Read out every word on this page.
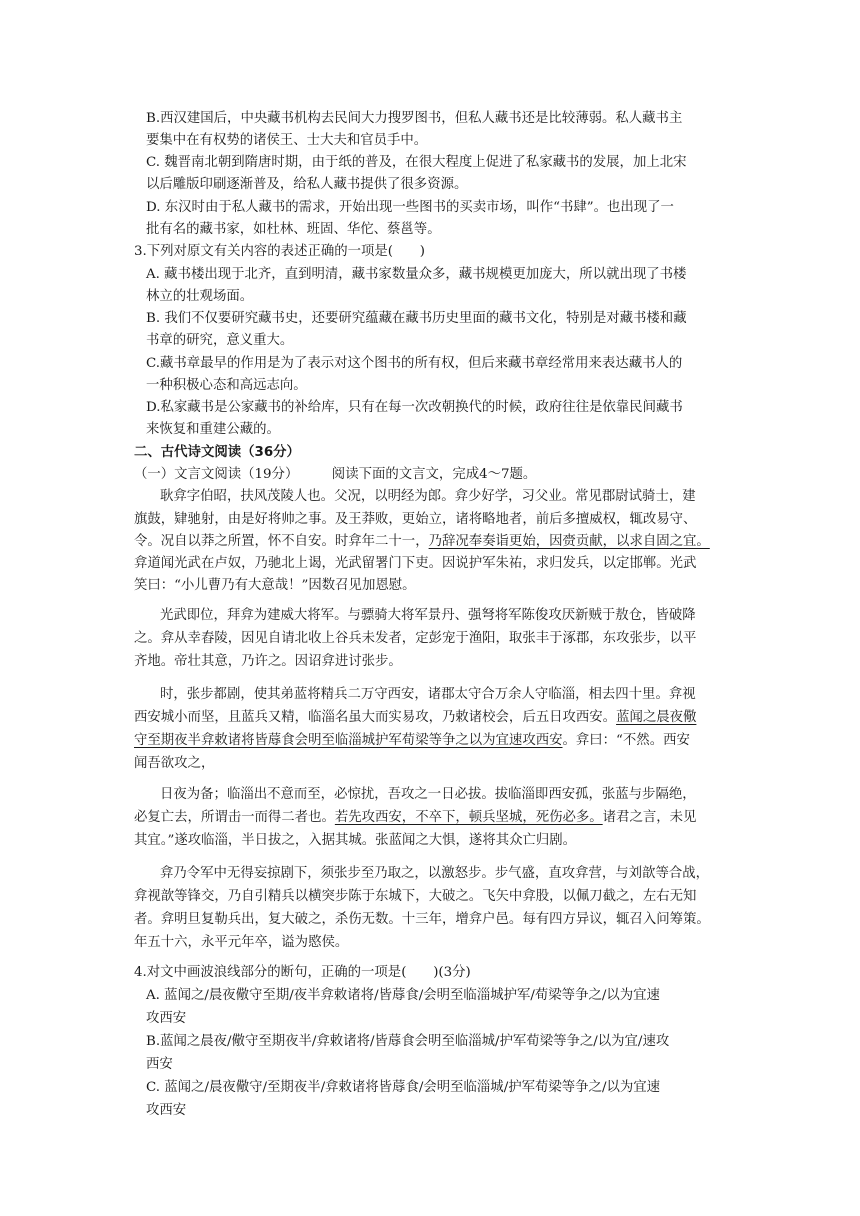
B.西汉建国后，中央藏书机构去民间大力搜罗图书，但私人藏书还是比较薄弱。私人藏书主
要集中在有权势的诸侯王、士大夫和官员手中。
C. 魏晋南北朝到隋唐时期，由于纸的普及，在很大程度上促进了私家藏书的发展，加上北宋
以后雕版印刷逐渐普及，给私人藏书提供了很多资源。
D. 东汉时由于私人藏书的需求，开始出现一些图书的买卖市场，叫作“书肆”。也出现了一
批有名的藏书家，如杜林、班固、华佗、蔡邕等。
3.下列对原文有关内容的表述正确的一项是(　　)
A. 藏书楼出现于北齐，直到明清，藏书家数量众多，藏书规模更加庞大，所以就出现了书楼
林立的壮观场面。
B. 我们不仅要研究藏书史，还要研究蕴藏在藏书历史里面的藏书文化，特别是对藏书楼和藏
书章的研究，意义重大。
C.藏书章最早的作用是为了表示对这个图书的所有权，但后来藏书章经常用来表达藏书人的
一种积极心态和高远志向。
D.私家藏书是公家藏书的补给库，只有在每一次改朝换代的时候，政府往往是依靠民间藏书
来恢复和重建公藏的。
二、古代诗文阅读（36分）
（一）文言文阅读（19分）　　　阅读下面的文言文，完成4～7题。
耿弇字伯昭，扶风茂陵人也。父况，以明经为郎。弇少好学，习父业。常见郡尉试骑士，建
旗鼓，肄驰射，由是好将帅之事。及王莽败，更始立，诸将略地者，前后多擅威权，辄改易守、
令。况自以莽之所置，怀不自安。时弇年二十一，乃辞况奉奏诣更始，因赍贡献，以求自固之宜。
弇道闻光武在卢奴，乃驰北上谒，光武留署门下吏。因说护军朱祐，求归发兵，以定邯郸。光武
笑曰：“小儿曹乃有大意哉！”因数召见加恩慰。
光武即位，拜弇为建威大将军。与骠骑大将军景丹、强弩将军陈俊攻厌新贼于敖仓，皆破降
之。弇从幸舂陵，因见自请北收上谷兵未发者，定彭宠于渔阳，取张丰于涿郡，东攻张步，以平
齐地。帝壮其意，乃许之。因诏弇进讨张步。
时，张步都剧，使其弟蓝将精兵二万守西安，诸郡太守合万余人守临淄，相去四十里。弇视
西安城小而坚，且蓝兵又精，临淄名虽大而实易攻，乃敕诸校会，后五日攻西安。蓝闻之晨夜儆
守至期夜半弇敕诸将皆蓐食会明至临淄城护军荀梁等争之以为宜速攻西安。弇曰：“不然。西安
闻吾欲攻之，
日夜为备；临淄出不意而至，必惊扰，吾攻之一日必拔。拔临淄即西安孤，张蓝与步隔绝，
必复亡去，所谓击一而得二者也。若先攻西安，不卒下，顿兵坚城，死伤必多。诸君之言，未见
其宜。”遂攻临淄，半日拔之，入据其城。张蓝闻之大惧，遂将其众亡归剧。
弇乃令军中无得妄掠剧下，须张步至乃取之，以激怒步。步气盛，直攻弇营，与刘歆等合战，
弇视歆等锋交，乃自引精兵以横突步陈于东城下，大破之。飞矢中弇股，以佩刀截之，左右无知
者。弇明旦复勒兵出，复大破之，杀伤无数。十三年，增弇户邑。每有四方异议，辄召入问筹策。
年五十六，永平元年卒，谥为愍侯。
4.对文中画波浪线部分的断句，正确的一项是(　　)(3分)
A. 蓝闻之/晨夜儆守至期/夜半弇敕诸将/皆蓐食/会明至临淄城护军/荀梁等争之/以为宜速
攻西安
B.蓝闻之晨夜/儆守至期夜半/弇敕诸将/皆蓐食会明至临淄城/护军荀梁等争之/以为宜/速攻
西安
C. 蓝闻之/晨夜儆守/至期夜半/弇敕诸将皆蓐食/会明至临淄城/护军荀梁等争之/以为宜速
攻西安
